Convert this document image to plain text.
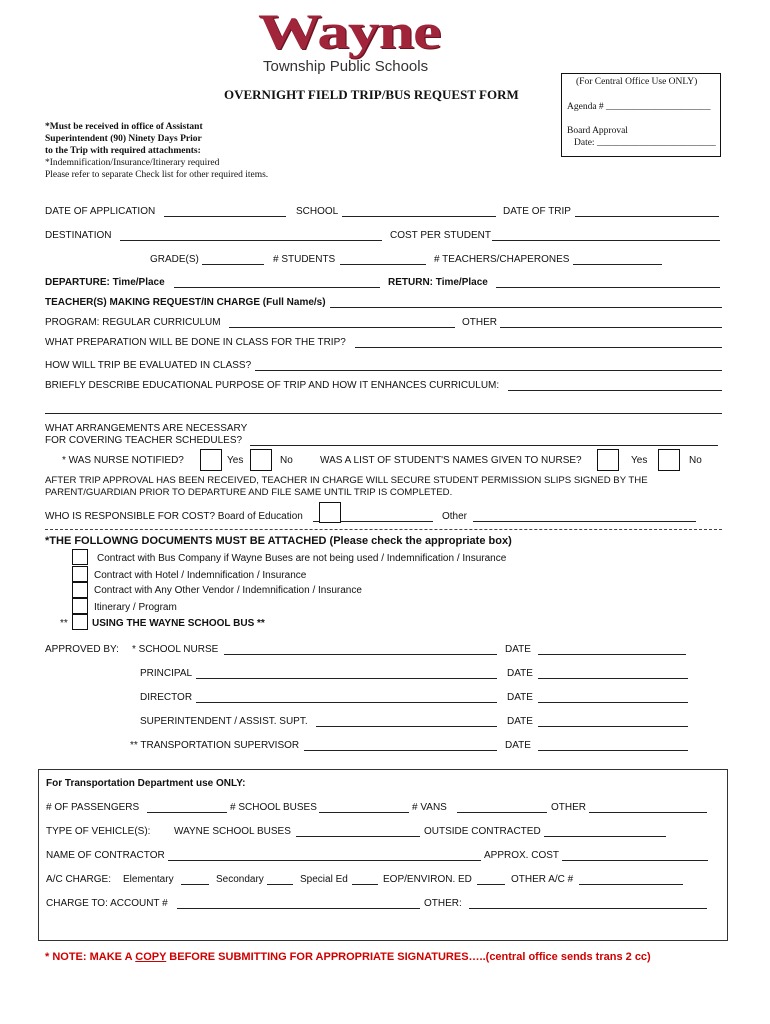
Wayne
Township Public Schools
OVERNIGHT FIELD TRIP/BUS REQUEST FORM
(For Central Office Use ONLY)
Agenda # ______________________
Board Approval
Date: _________________________
*Must be received in office of Assistant
Superintendent (90) Ninety Days Prior
to the Trip with required attachments:
*Indemnification/Insurance/Itinerary required
Please refer to separate Check list for other required items.
DATE OF APPLICATION	SCHOOL	DATE OF TRIP
DESTINATION	COST PER STUDENT
GRADE(S)	# STUDENTS	# TEACHERS/CHAPERONES
DEPARTURE: Time/Place	RETURN: Time/Place
TEACHER(S) MAKING REQUEST/IN CHARGE (Full Name/s)
PROGRAM: REGULAR CURRICULUM	OTHER
WHAT PREPARATION WILL BE DONE IN CLASS FOR THE TRIP?
HOW WILL TRIP BE EVALUATED IN CLASS?
BRIEFLY DESCRIBE EDUCATIONAL PURPOSE OF TRIP AND HOW IT ENHANCES CURRICULUM:
WHAT ARRANGEMENTS ARE NECESSARY
FOR COVERING TEACHER SCHEDULES?
* WAS NURSE NOTIFIED?	Yes	No	WAS A LIST OF STUDENT'S NAMES GIVEN TO NURSE?	Yes	No
AFTER TRIP APPROVAL HAS BEEN RECEIVED, TEACHER IN CHARGE WILL SECURE STUDENT PERMISSION SLIPS SIGNED BY THE
PARENT/GUARDIAN PRIOR TO DEPARTURE AND FILE SAME UNTIL TRIP IS COMPLETED.
WHO IS RESPONSIBLE FOR COST? Board of Education	Other
*THE FOLLOWNG DOCUMENTS MUST BE ATTACHED (Please check the appropriate box)
Contract with Bus Company if Wayne Buses are not being used / Indemnification / Insurance
Contract with Hotel / Indemnification / Insurance
Contract with Any Other Vendor / Indemnification / Insurance
Itinerary / Program
** USING THE WAYNE SCHOOL BUS **
APPROVED BY: * SCHOOL NURSE	DATE
PRINCIPAL	DATE
DIRECTOR	DATE
SUPERINTENDENT / ASSIST. SUPT.	DATE
** TRANSPORTATION SUPERVISOR	DATE
For Transportation Department use ONLY:
# OF PASSENGERS	# SCHOOL BUSES	# VANS	OTHER
TYPE OF VEHICLE(S): WAYNE SCHOOL BUSES	OUTSIDE CONTRACTED
NAME OF CONTRACTOR	APPROX. COST
A/C CHARGE: Elementary	Secondary	Special Ed	EOP/ENVIRON. ED	OTHER A/C #
CHARGE TO: ACCOUNT #	OTHER:
* NOTE: MAKE A COPY BEFORE SUBMITTING FOR APPROPRIATE SIGNATURES…..(central office sends trans 2 cc)
